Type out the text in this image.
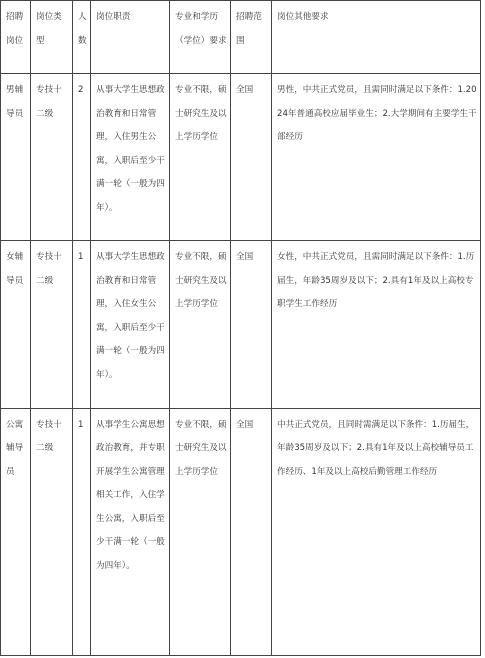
招聘岗位	岗位类型	人数	岗位职责	专业和学历（学位）要求	招聘范围	岗位其他要求
男辅导员	专技十二级	2	从事大学生思想政治教育和日常管理，入住男生公寓，入职后至少干满一轮（一般为四年）。	专业不限，硕士研究生及以上学历学位	全国	男性，中共正式党员，且需同时满足以下条件：1.2024年普通高校应届毕业生；2.大学期间有主要学生干部经历
女辅导员	专技十二级	1	从事大学生思想政治教育和日常管理，入住女生公寓，入职后至少干满一轮（一般为四年）。	专业不限，硕士研究生及以上学历学位	全国	女性，中共正式党员，且需同时满足以下条件：1.历届生，年龄35周岁及以下；2.具有1年及以上高校专职学生工作经历
公寓辅导员	专技十二级	1	从事学生公寓思想政治教育，并专职开展学生公寓管理相关工作，入住学生公寓，入职后至少干满一轮（一般为四年）。	专业不限，硕士研究生及以上学历学位	全国	中共正式党员，且同时需满足以下条件：1.历届生，年龄35周岁及以下；2.具有1年及以上高校辅导员工作经历、1年及以上高校后勤管理工作经历
